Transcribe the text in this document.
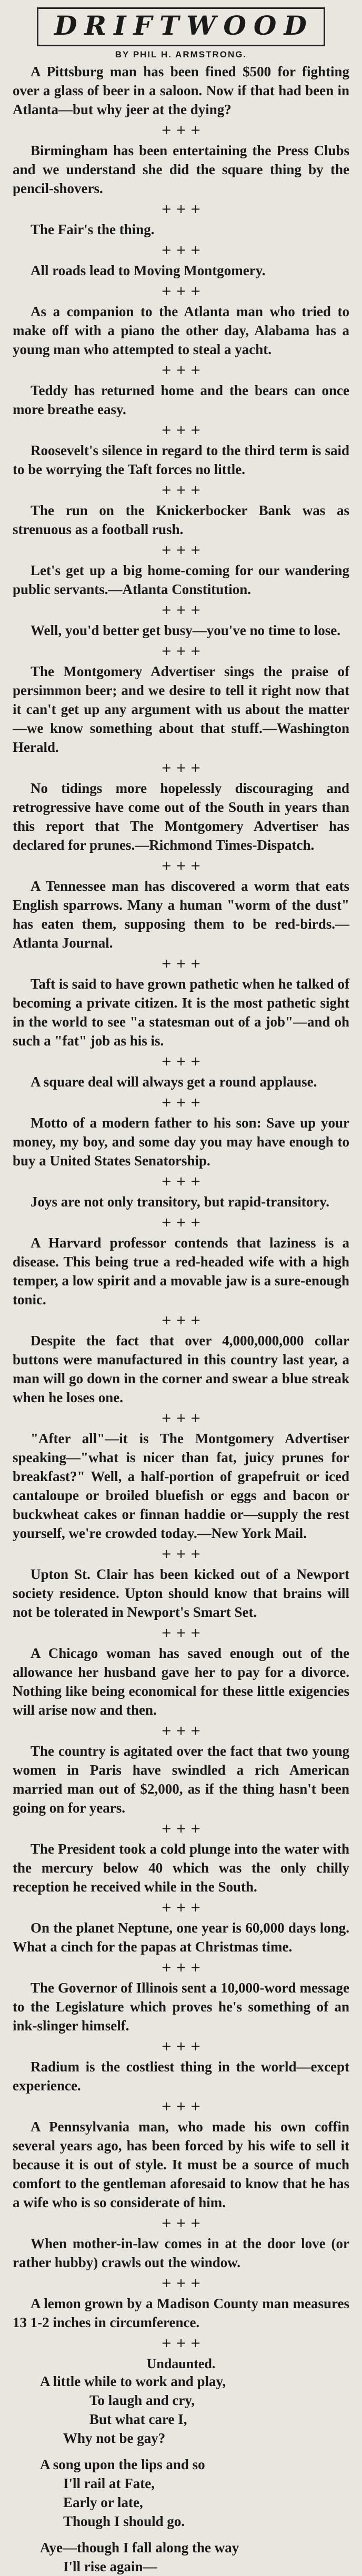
DRIFTWOOD
BY PHIL H. ARMSTRONG.

A Pittsburg man has been fined $500 for fighting over a glass of beer in a saloon. Now if that had been in Atlanta—but why jeer at the dying?

+ + +

Birmingham has been entertaining the Press Clubs and we understand she did the square thing by the pencil-shovers.

+ + +

The Fair's the thing.

+ + +

All roads lead to Moving Montgomery.

+ + +

As a companion to the Atlanta man who tried to make off with a piano the other day, Alabama has a young man who attempted to steal a yacht.

+ + +

Teddy has returned home and the bears can once more breathe easy.

+ + +

Roosevelt's silence in regard to the third term is said to be worrying the Taft forces no little.

+ + +

The run on the Knickerbocker Bank was as strenuous as a football rush.

+ + +

Let's get up a big home-coming for our wandering public servants.—Atlanta Constitution.

+ + +

Well, you'd better get busy—you've no time to lose.

+ + +

The Montgomery Advertiser sings the praise of persimmon beer; and we desire to tell it right now that it can't get up any argument with us about the matter—we know something about that stuff.—Washington Herald.

+ + +

No tidings more hopelessly discouraging and retrogressive have come out of the South in years than this report that The Montgomery Advertiser has declared for prunes.—Richmond Times-Dispatch.

+ + +

A Tennessee man has discovered a worm that eats English sparrows. Many a human "worm of the dust" has eaten them, supposing them to be red-birds.—Atlanta Journal.

+ + +

Taft is said to have grown pathetic when he talked of becoming a private citizen. It is the most pathetic sight in the world to see "a statesman out of a job"—and oh such a "fat" job as his is.

+ + +

A square deal will always get a round applause.

+ + +

Motto of a modern father to his son: Save up your money, my boy, and some day you may have enough to buy a United States Senatorship.

+ + +

Joys are not only transitory, but rapid-transitory.

+ + +

A Harvard professor contends that laziness is a disease. This being true a red-headed wife with a high temper, a low spirit and a movable jaw is a sure-enough tonic.

+ + +

Despite the fact that over 4,000,000,000 collar buttons were manufactured in this country last year, a man will go down in the corner and swear a blue streak when he loses one.

+ + +

"After all"—it is The Montgomery Advertiser speaking—"what is nicer than fat, juicy prunes for breakfast?" Well, a half-portion of grapefruit or iced cantaloupe or broiled bluefish or eggs and bacon or buckwheat cakes or finnan haddie or—supply the rest yourself, we're crowded today.—New York Mail.

+ + +

Upton St. Clair has been kicked out of a Newport society residence. Upton should know that brains will not be tolerated in Newport's Smart Set.

+ + +

A Chicago woman has saved enough out of the allowance her husband gave her to pay for a divorce. Nothing like being economical for these little exigencies will arise now and then.

+ + +

The country is agitated over the fact that two young women in Paris have swindled a rich American married man out of $2,000, as if the thing hasn't been going on for years.

+ + +

The President took a cold plunge into the water with the mercury below 40 which was the only chilly reception he received while in the South.

+ + +

On the planet Neptune, one year is 60,000 days long. What a cinch for the papas at Christmas time.

+ + +

The Governor of Illinois sent a 10,000-word message to the Legislature which proves he's something of an ink-slinger himself.

+ + +

Radium is the costliest thing in the world—except experience.

+ + +

A Pennsylvania man, who made his own coffin several years ago, has been forced by his wife to sell it because it is out of style. It must be a source of much comfort to the gentleman aforesaid to know that he has a wife who is so considerate of him.

+ + +

When mother-in-law comes in at the door love (or rather hubby) crawls out the window.

+ + +

A lemon grown by a Madison County man measures 13 1-2 inches in circumference.

+ + +
Undaunted.
A little while to work and play,
To laugh and cry,
But what care I,
Why not be gay?
A song upon the lips and so
I'll rail at Fate,
Early or late,
Though I should go.
Aye—though I fall along the way
I'll rise again—
